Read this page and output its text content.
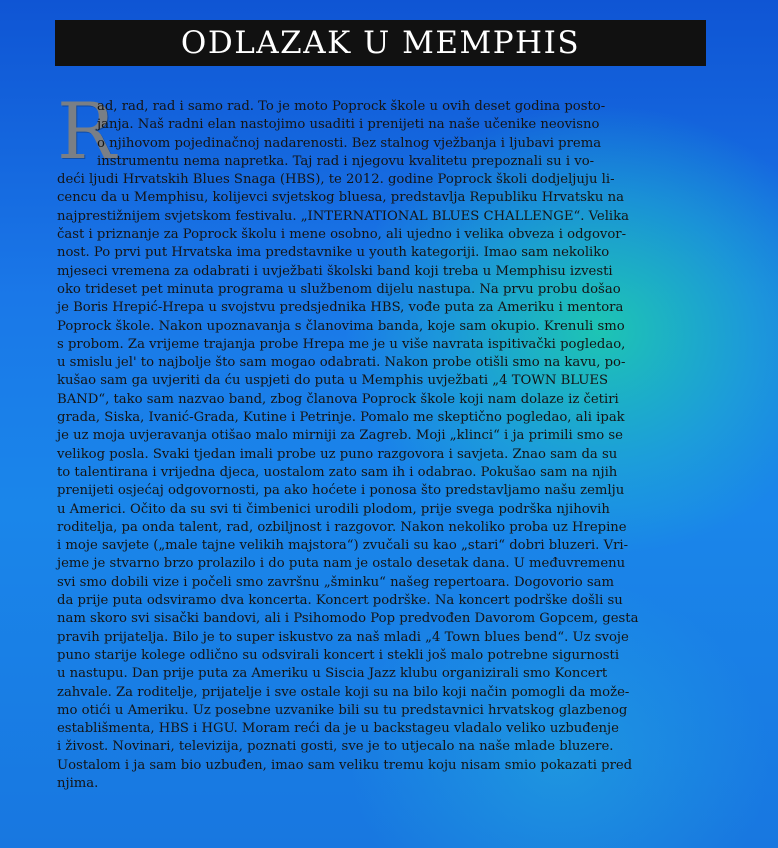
ODLAZAK U MEMPHIS
R
ad, rad, rad i samo rad. To je moto Poprock škole u ovih deset godina posto-
janja. Naš radni elan nastojimo usaditi i prenijeti na naše učenike neovisno
o njihovom pojedinačnoj nadarenosti. Bez stalnog vježbanja i ljubavi prema
instrumentu nema napretka. Taj rad i njegovu kvalitetu prepoznali su i vo-
deći ljudi Hrvatskih Blues Snaga (HBS), te 2012. godine Poprock školi dodjeljuju li-
cencu da u Memphisu, kolijevci svjetskog bluesa, predstavlja Republiku Hrvatsku na
najprestižnijem svjetskom festivalu. „INTERNATIONAL BLUES CHALLENGE“. Velika
čast i priznanje za Poprock školu i mene osobno, ali ujedno i velika obveza i odgovor-
nost. Po prvi put Hrvatska ima predstavnike u youth kategoriji. Imao sam nekoliko
mjeseci vremena za odabrati i uvježbati školski band koji treba u Memphisu izvesti
oko trideset pet minuta programa u službenom dijelu nastupa. Na prvu probu došao
je Boris Hrepić-Hrepa u svojstvu predsjednika HBS, vođe puta za Ameriku i mentora
Poprock škole. Nakon upoznavanja s članovima banda, koje sam okupio. Krenuli smo
s probom. Za vrijeme trajanja probe Hrepa me je u više navrata ispitivački pogledao,
u smislu jel' to najbolje što sam mogao odabrati. Nakon probe otišli smo na kavu, po-
kušao sam ga uvjeriti da ću uspjeti do puta u Memphis uvježbati „4 TOWN BLUES
BAND“, tako sam nazvao band, zbog članova Poprock škole koji nam dolaze iz četiri
grada, Siska, Ivanić-Grada, Kutine i Petrinje. Pomalo me skeptično pogledao, ali ipak
je uz moja uvjeravanja otišao malo mirniji za Zagreb. Moji „klinci“ i ja primili smo se
velikog posla. Svaki tjedan imali probe uz puno razgovora i savjeta. Znao sam da su
to talentirana i vrijedna djeca, uostalom zato sam ih i odabrao. Pokušao sam na njih
prenijeti osjećaj odgovornosti, pa ako hoćete i ponosa što predstavljamo našu zemlju
u Americi. Očito da su svi ti čimbenici urodili plodom, prije svega podrška njihovih
roditelja, pa onda talent, rad, ozbiljnost i razgovor. Nakon nekoliko proba uz Hrepine
i moje savjete („male tajne velikih majstora“) zvučali su kao „stari“ dobri bluzeri. Vri-
jeme je stvarno brzo prolazilo i do puta nam je ostalo desetak dana. U međuvremenu
svi smo dobili vize i počeli smo završnu „šminku“ našeg repertoara. Dogovorio sam
da prije puta odsviramo dva koncerta. Koncert podrške. Na koncert podrške došli su
nam skoro svi sisački bandovi, ali i Psihomodo Pop predvođen Davorom Gopcem, gesta
pravih prijatelja. Bilo je to super iskustvo za naš mladi „4 Town blues bend“. Uz svoje
puno starije kolege odlično su odsvirali koncert i stekli još malo potrebne sigurnosti
u nastupu. Dan prije puta za Ameriku u Siscia Jazz klubu organizirali smo Koncert
zahvale. Za roditelje, prijatelje i sve ostale koji su na bilo koji način pomogli da može-
mo otići u Ameriku. Uz posebne uzvanike bili su tu predstavnici hrvatskog glazbenog
establišmenta, HBS i HGU. Moram reći da je u backstageu vladalo veliko uzbuđenje
i živost. Novinari, televizija, poznati gosti, sve je to utjecalo na naše mlade bluzere.
Uostalom i ja sam bio uzbuđen, imao sam veliku tremu koju nisam smio pokazati pred
njima.
